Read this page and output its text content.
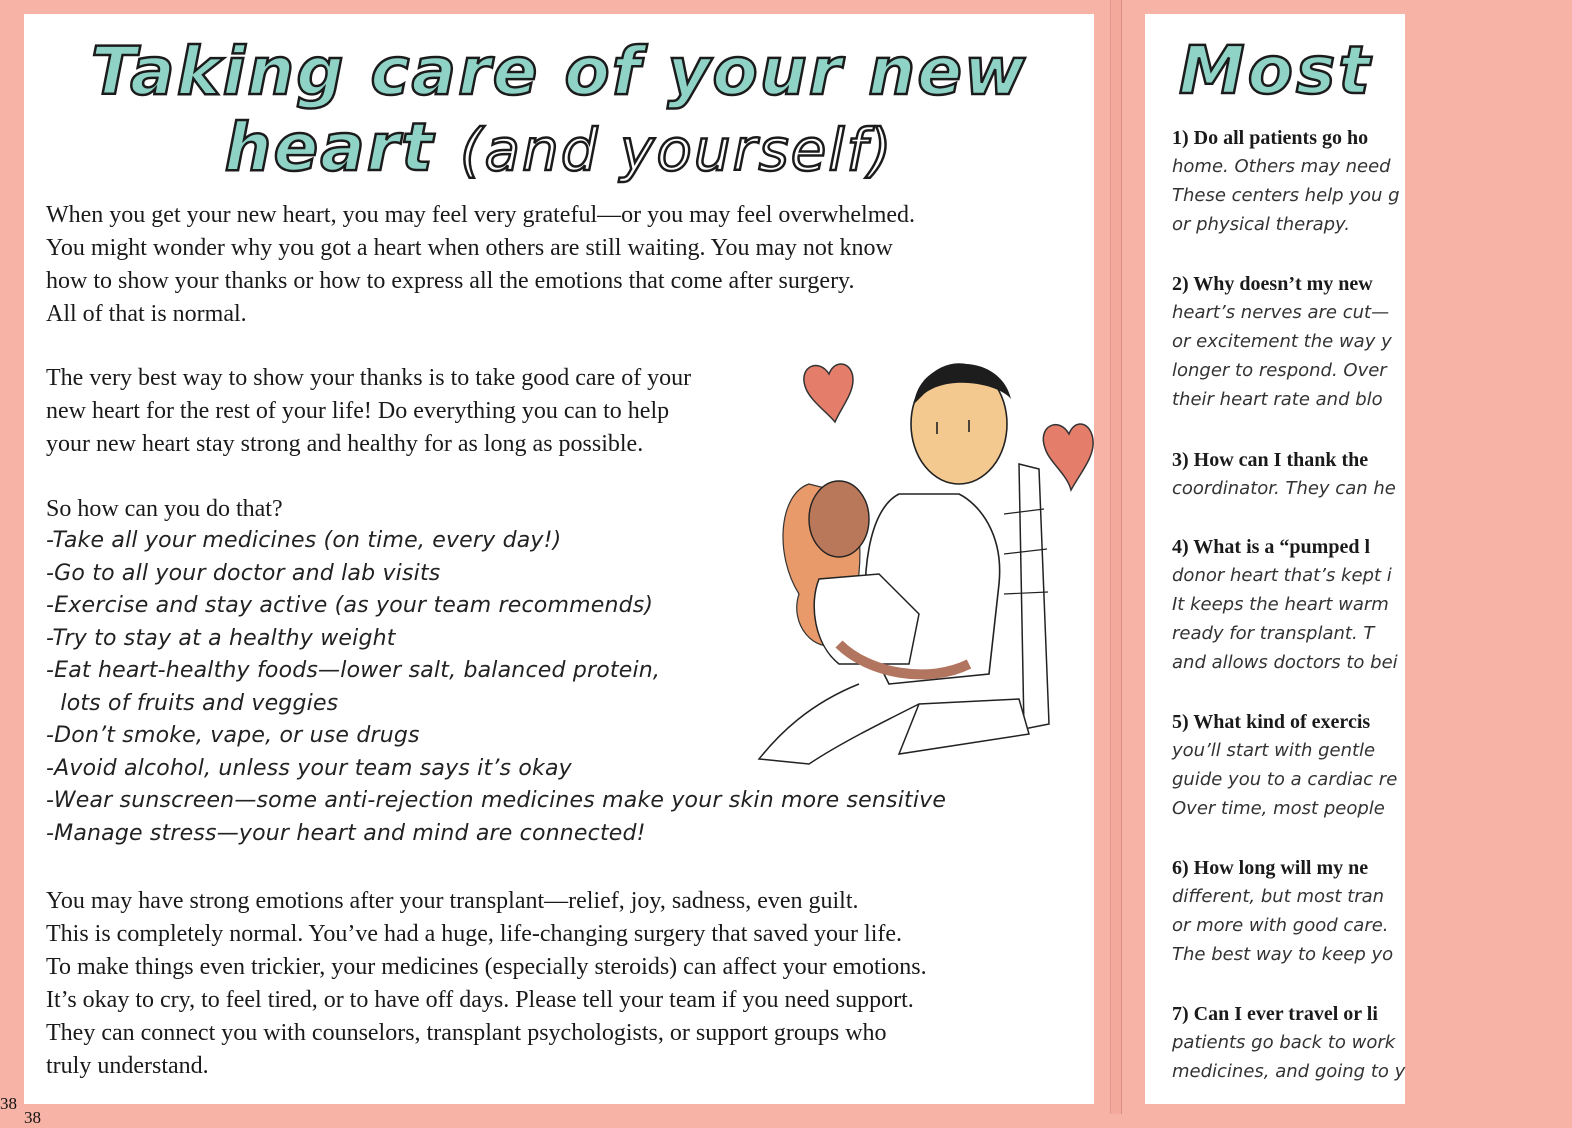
Taking care of your new
heart (and yourself)
When you get your new heart, you may feel very grateful—or you may feel overwhelmed.
You might wonder why you got a heart when others are still waiting. You may not know
how to show your thanks or how to express all the emotions that come after surgery.
All of that is normal.
The very best way to show your thanks is to take good care of your
new heart for the rest of your life! Do everything you can to help
your new heart stay strong and healthy for as long as possible.
So how can you do that?
-Take all your medicines (on time, every day!)
-Go to all your doctor and lab visits
-Exercise and stay active (as your team recommends)
-Try to stay at a healthy weight
-Eat heart-healthy foods—lower salt, balanced protein,
lots of fruits and veggies
-Don’t smoke, vape, or use drugs
-Avoid alcohol, unless your team says it’s okay
-Wear sunscreen—some anti-rejection medicines make your skin more sensitive
-Manage stress—your heart and mind are connected!
You may have strong emotions after your transplant—relief, joy, sadness, even guilt.
This is completely normal. You’ve had a huge, life-changing surgery that saved your life.
To make things even trickier, your medicines (especially steroids) can affect your emotions.
It’s okay to cry, to feel tired, or to have off days. Please tell your team if you need support.
They can connect you with counselors, transplant psychologists, or support groups who
truly understand.
38
38
Most
1) Do all patients go ho
home. Others may need
These centers help you g
or physical therapy.
2) Why doesn’t my new
heart’s nerves are cut—
or excitement the way y
longer to respond. Over
their heart rate and blo
3) How can I thank the
coordinator. They can he
4) What is a “pumped l
donor heart that’s kept i
It keeps the heart warm
ready for transplant. T
and allows doctors to bei
5) What kind of exercis
you’ll start with gentle
guide you to a cardiac re
Over time, most people
6) How long will my ne
different, but most tran
or more with good care.
The best way to keep yo
7) Can I ever travel or li
patients go back to work
medicines, and going to y
